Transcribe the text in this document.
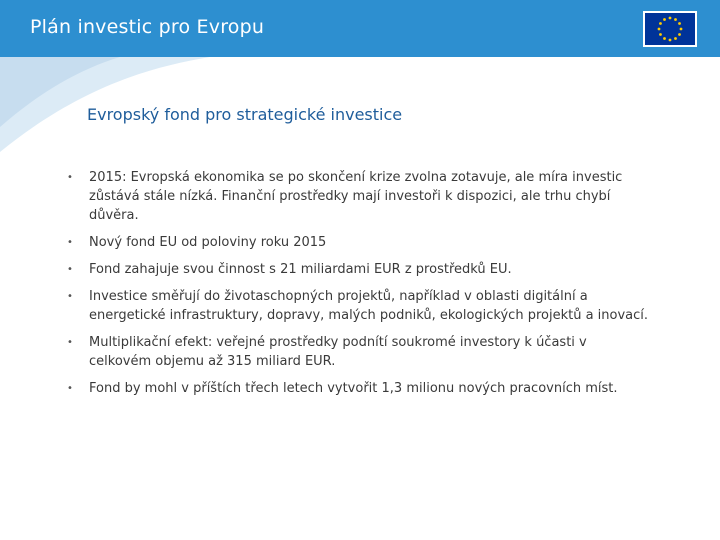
Plán investic pro Evropu
Evropský fond pro strategické investice
• 2015: Evropská ekonomika se po skončení krize zvolna zotavuje, ale míra investic zůstává stále nízká. Finanční prostředky mají investoři k dispozici, ale trhu chybí důvěra.
• Nový fond EU od poloviny roku 2015
• Fond zahajuje svou činnost s 21 miliardami EUR z prostředků EU.
• Investice směřují do životaschopných projektů, například v oblasti digitální a energetické infrastruktury, dopravy, malých podniků, ekologických projektů a inovací.
• Multiplikační efekt: veřejné prostředky podnítí soukromé investory k účasti v celkovém objemu až 315 miliard EUR.
• Fond by mohl v příštích třech letech vytvořit 1,3 milionu nových pracovních míst.
